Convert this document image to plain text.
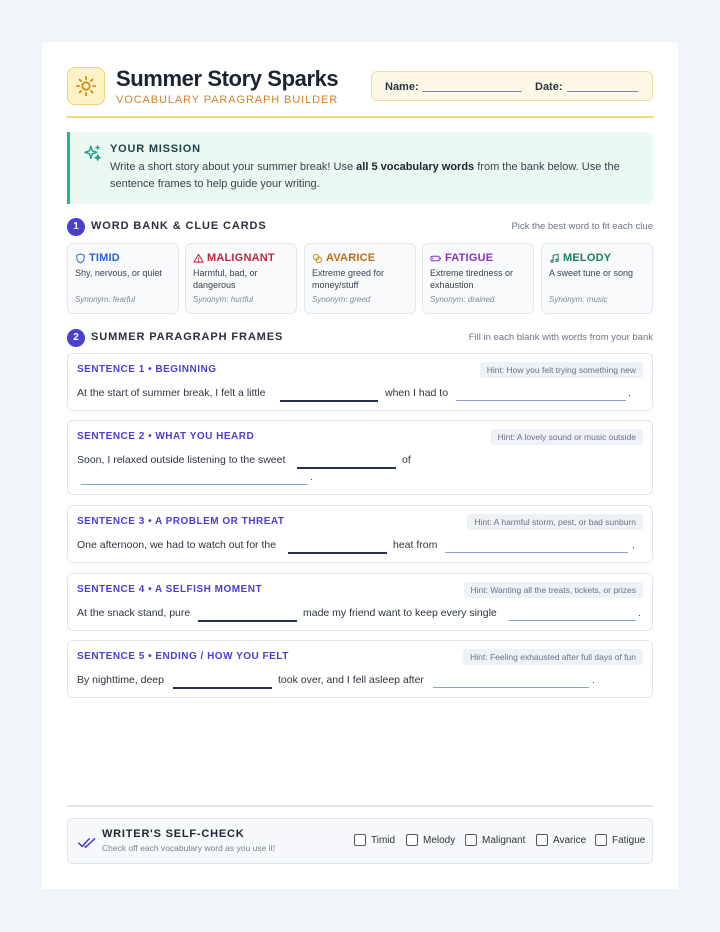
Summer Story Sparks
VOCABULARY PARAGRAPH BUILDER
Name:	Date:
YOUR MISSION
Write a short story about your summer break! Use all 5 vocabulary words from the bank below. Use the sentence frames to help guide your writing.
1	WORD BANK & CLUE CARDS	Pick the best word to fit each clue
TIMID
Shy, nervous, or quiet
Synonym: fearful
MALIGNANT
Harmful, bad, or dangerous
Synonym: hurtful
AVARICE
Extreme greed for money/stuff
Synonym: greed
FATIGUE
Extreme tiredness or exhaustion
Synonym: drained
MELODY
A sweet tune or song
Synonym: music
2	SUMMER PARAGRAPH FRAMES	Fill in each blank with words from your bank
SENTENCE 1 • BEGINNING	Hint: How you felt trying something new
At the start of summer break, I felt a little	when I had to	.
SENTENCE 2 • WHAT YOU HEARD	Hint: A lovely sound or music outside
Soon, I relaxed outside listening to the sweet	of
.
SENTENCE 3 • A PROBLEM OR THREAT	Hint: A harmful storm, pest, or bad sunburn
One afternoon, we had to watch out for the	heat from	.
SENTENCE 4 • A SELFISH MOMENT	Hint: Wanting all the treats, tickets, or prizes
At the snack stand, pure	made my friend want to keep every single	.
SENTENCE 5 • ENDING / HOW YOU FELT	Hint: Feeling exhausted after full days of fun
By nighttime, deep	took over, and I fell asleep after	.
WRITER'S SELF-CHECK
Check off each vocabulary word as you use it!
Timid	Melody	Malignant	Avarice	Fatigue
